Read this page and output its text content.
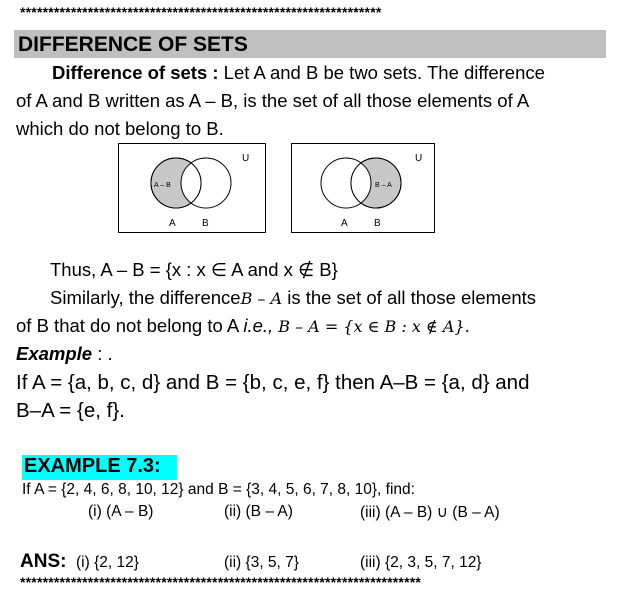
****************************************************************
DIFFERENCE OF SETS
Difference of sets : Let A and B be two sets. The difference
of A and B written as A – B, is the set of all those elements of A
which do not belong to B.
U
A – B
A	B
U
B – A
A	B
Thus, A – B = {x : x ∈ A and x ∉ B}
Similarly, the differenceB – A is the set of all those elements
of B that do not belong to A i.e., B – A = {x ∈ B : x ∉ A}.
Example : .
If A = {a, b, c, d} and B = {b, c, e, f} then A–B = {a, d} and
B–A = {e, f}.
EXAMPLE 7.3:
If A = {2, 4, 6, 8, 10, 12} and B = {3, 4, 5, 6, 7, 8, 10}, find:
(i) (A – B)	(ii) (B – A)	(iii) (A – B) ∪ (B – A)
ANS: (i) {2, 12}	(ii) {3, 5, 7}	(iii) {2, 3, 5, 7, 12}
***********************************************************************
